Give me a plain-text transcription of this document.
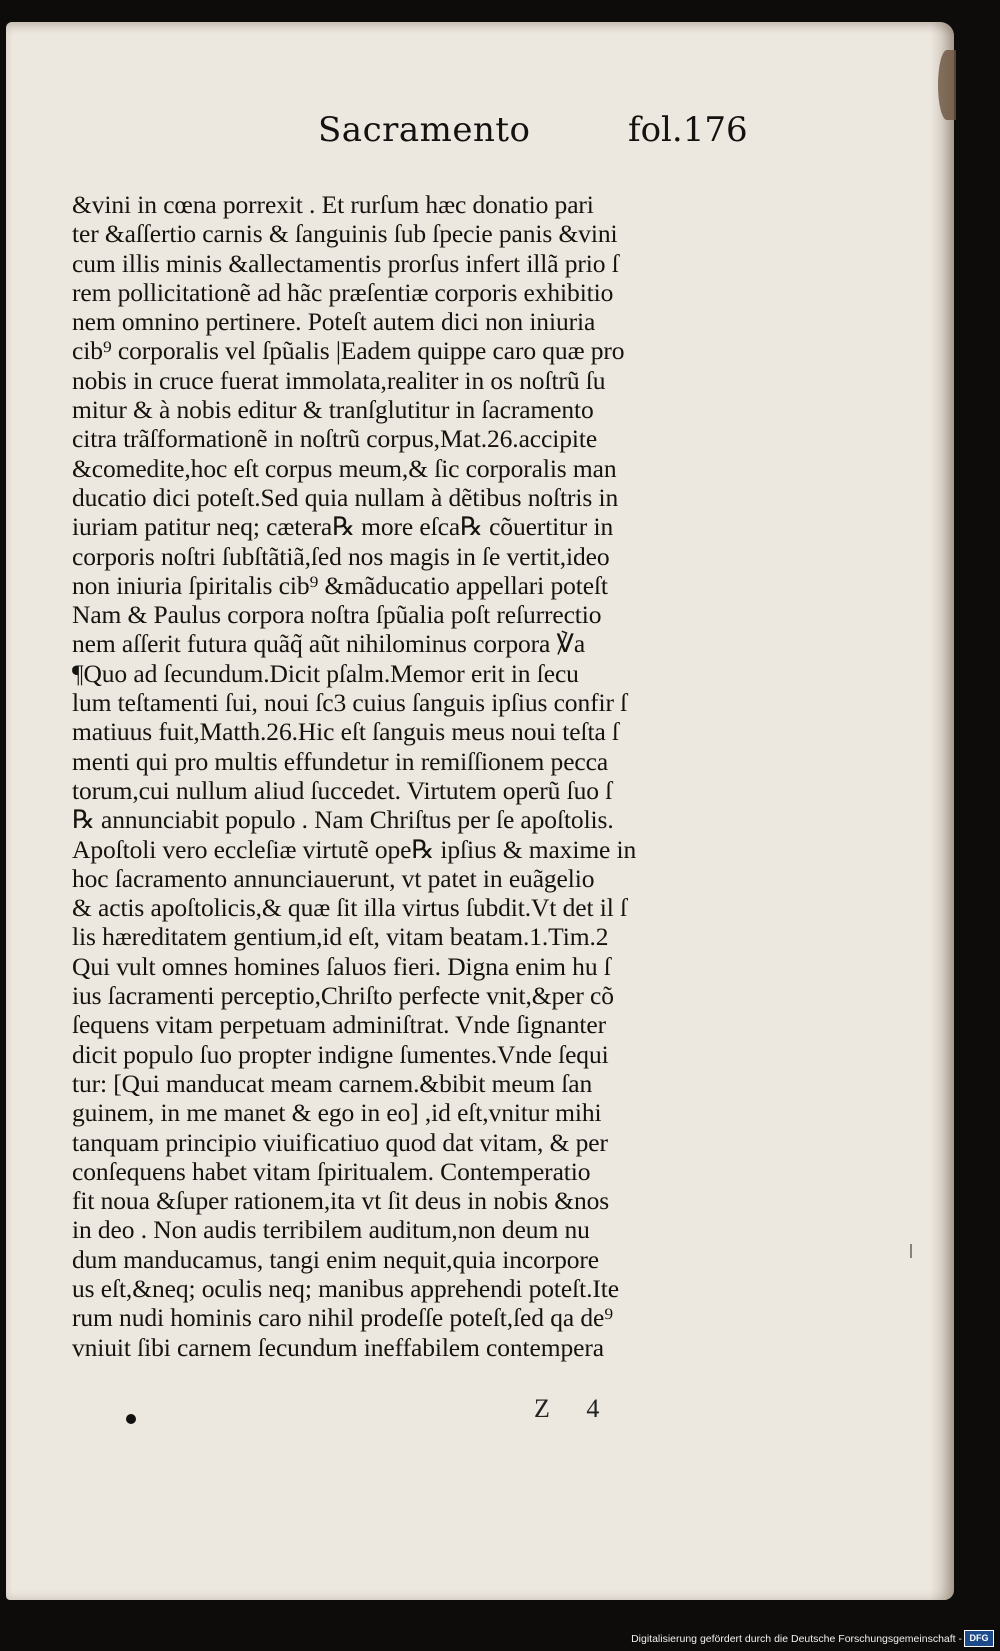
Sacramento	fol.176
&vini in cœna porrexit . Et rurſum hæc donatio pari
ter &aſſertio carnis & ſanguinis ſub ſpecie panis &vini
cum illis minis &allectamentis prorſus infert illã prio ſ
rem pollicitationẽ ad hãc præſentiæ corporis exhibitio
nem omnino pertinere. Poteſt autem dici non iniuria
cib⁹ corporalis vel ſpũalis |Eadem quippe caro quæ pro
nobis in cruce fuerat immolata,realiter in os noſtrũ ſu
mitur & à nobis editur & tranſglutitur in ſacramento
citra trãſformationẽ in noſtrũ corpus,Mat.26.accipite
&comedite,hoc eſt corpus meum,& ſic corporalis man
ducatio dici poteſt.Sed quia nullam à dẽtibus noſtris in
iuriam patitur neq; cætera℞ more eſca℞ cõuertitur in
corporis noſtri ſubſtãtiã,ſed nos magis in ſe vertit,ideo
non iniuria ſpiritalis cib⁹ &mãducatio appellari poteſt
Nam & Paulus corpora noſtra ſpũalia poſt reſurrectio
nem aſſerit futura quãq̃ aũt nihilominus corpora ℣a
¶Quo ad ſecundum.Dicit pſalm.Memor erit in ſecu
lum teſtamenti ſui, noui ſc3 cuius ſanguis ipſius confir ſ
matiuus fuit,Matth.26.Hic eſt ſanguis meus noui teſta ſ
menti qui pro multis effundetur in remiſſionem pecca
torum,cui nullum aliud ſuccedet. Virtutem operũ ſuo ſ
℞ annunciabit populo . Nam Chriſtus per ſe apoſtolis.
Apoſtoli vero eccleſiæ virtutẽ ope℞ ipſius & maxime in
hoc ſacramento annunciauerunt, vt patet in euãgelio
& actis apoſtolicis,& quæ ſit illa virtus ſubdit.Vt det il ſ
lis hæreditatem gentium,id eſt, vitam beatam.1.Tim.2
Qui vult omnes homines ſaluos fieri. Digna enim hu ſ
ius ſacramenti perceptio,Chriſto perfecte vnit,&per cõ
ſequens vitam perpetuam adminiſtrat. Vnde ſignanter
dicit populo ſuo propter indigne ſumentes.Vnde ſequi
tur: [Qui manducat meam carnem.&bibit meum ſan
guinem, in me manet & ego in eo] ,id eſt,vnitur mihi
tanquam principio viuificatiuo quod dat vitam, & per
conſequens habet vitam ſpiritualem. Contemperatio
fit noua &ſuper rationem,ita vt ſit deus in nobis &nos
in deo . Non audis terribilem auditum,non deum nu
dum manducamus, tangi enim nequit,quia incorpore
us eſt,&neq; oculis neq; manibus apprehendi poteſt.Ite
rum nudi hominis caro nihil prodeſſe poteſt,ſed qa de⁹
vniuit ſibi carnem ſecundum ineffabilem contempera
Z 4
Digitalisierung gefördert durch die Deutsche Forschungsgemeinschaft - DFG
